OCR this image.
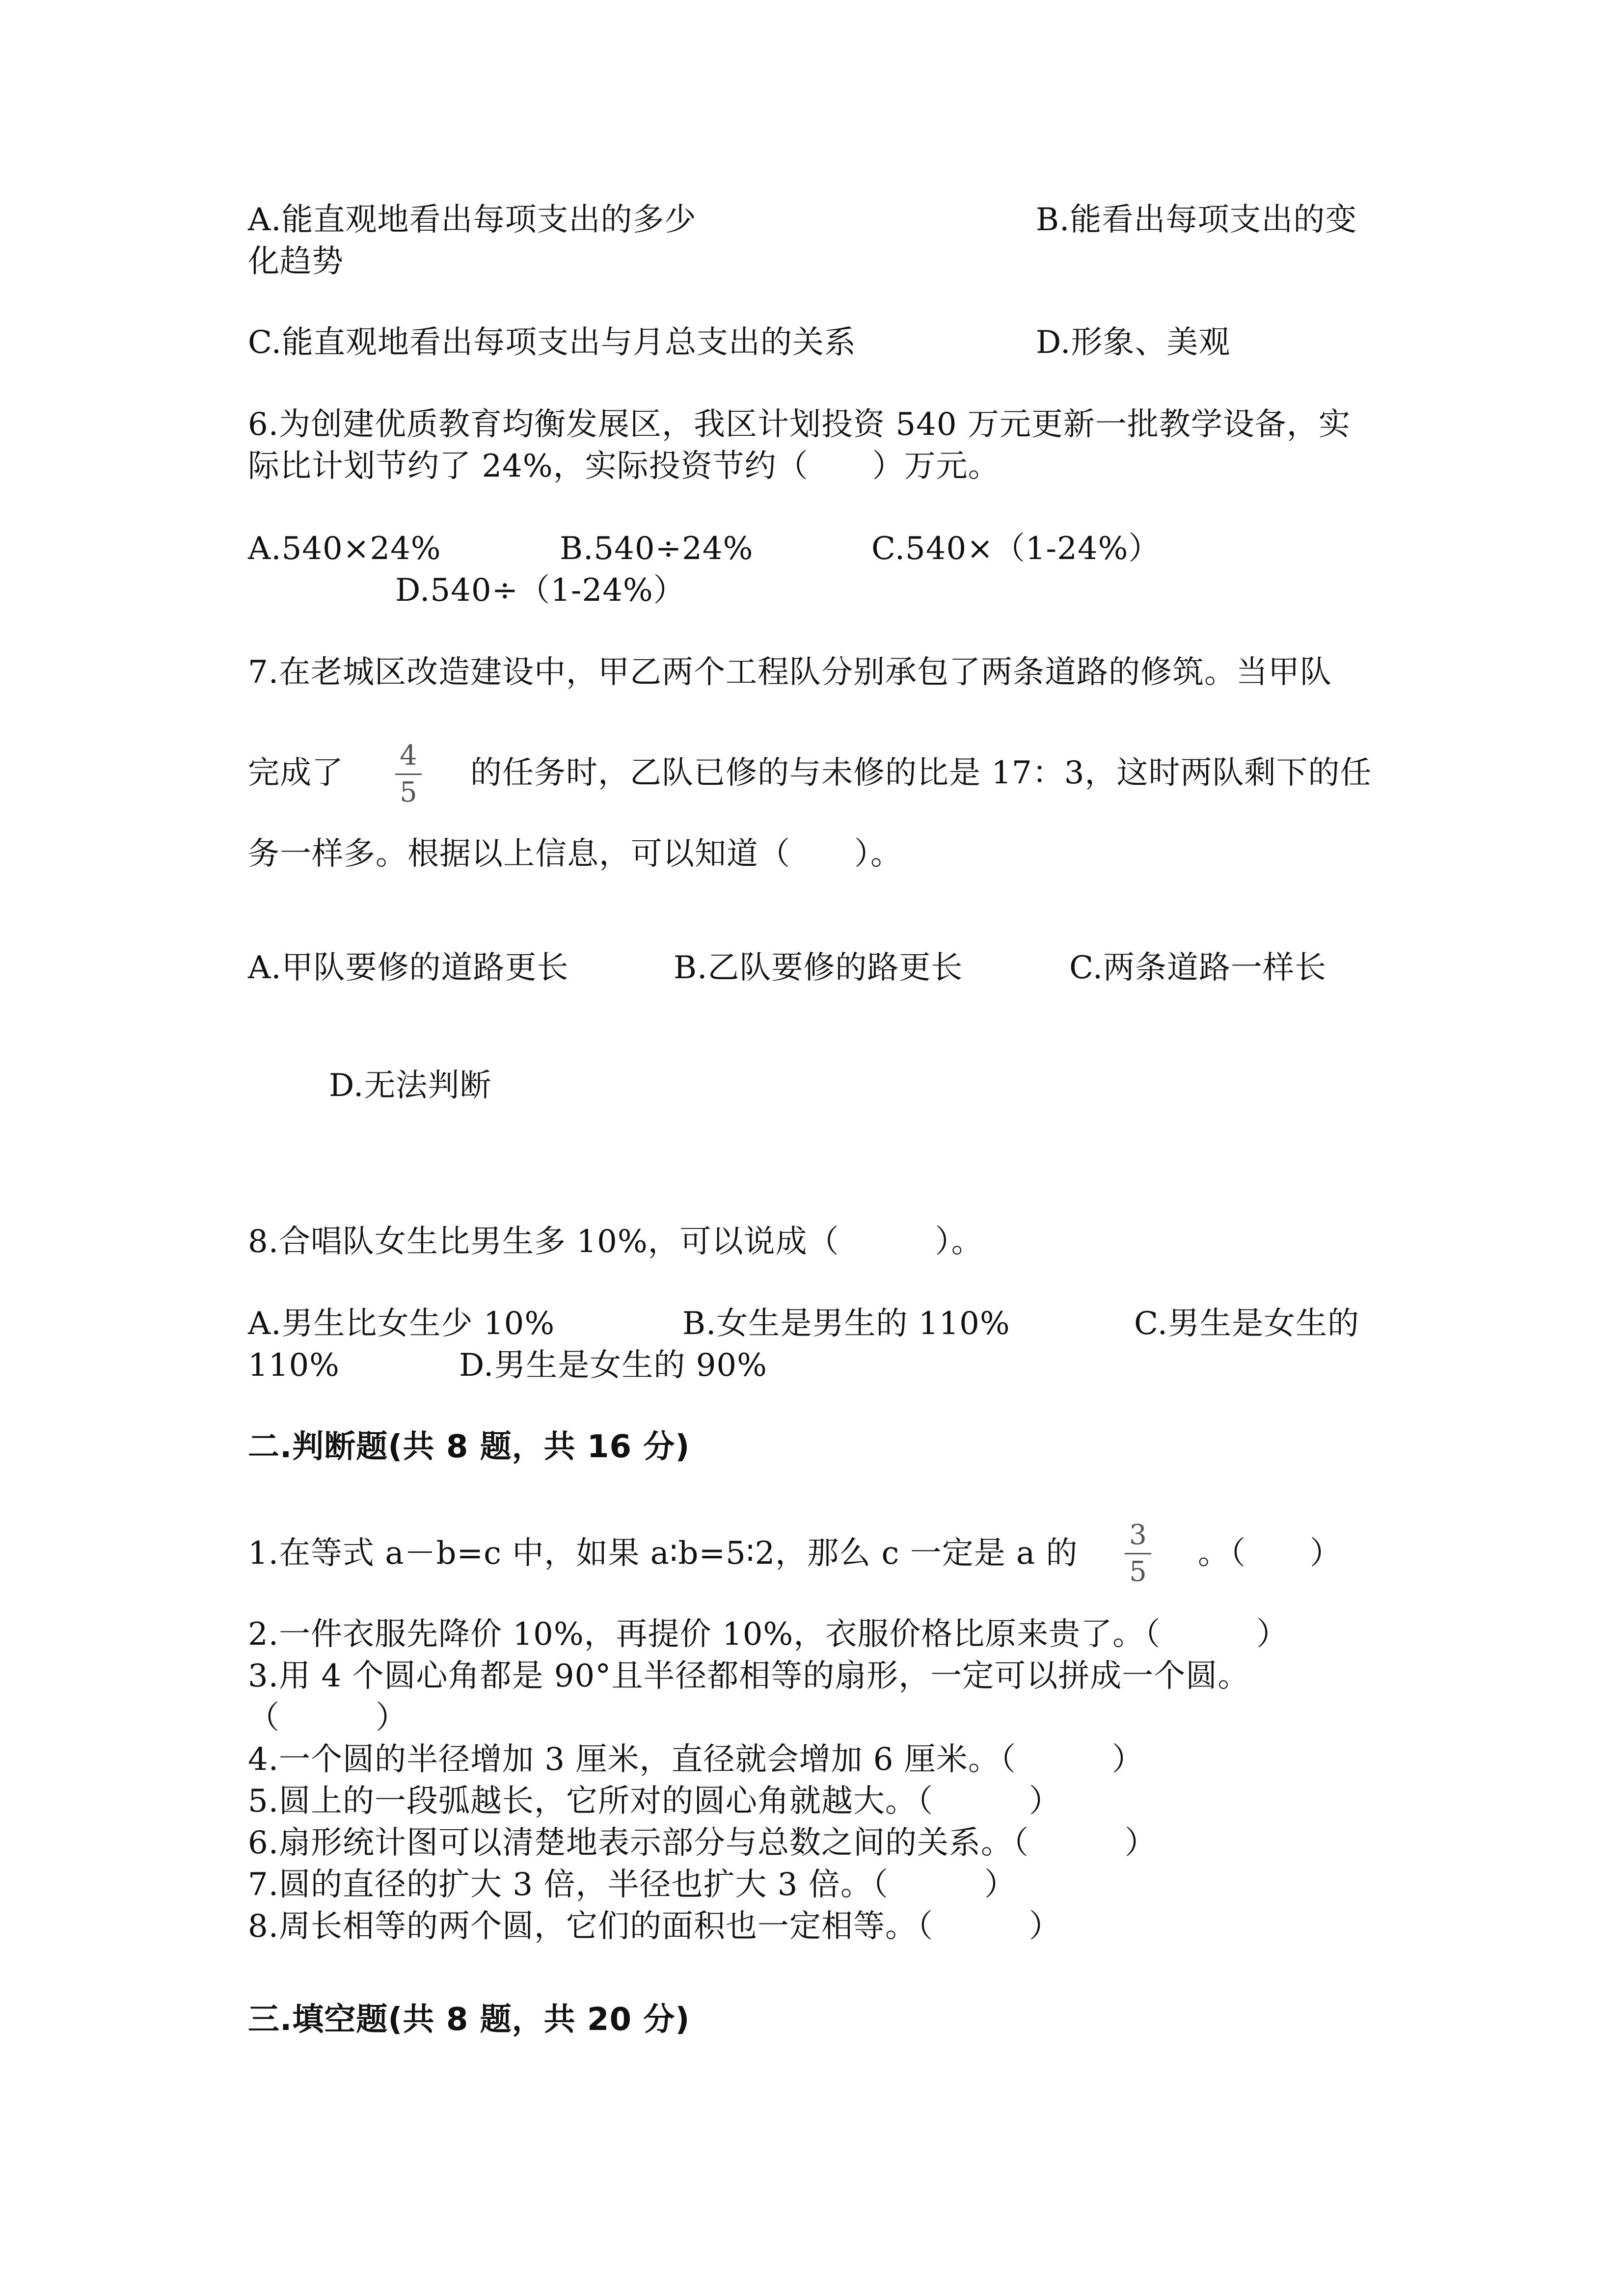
A.能直观地看出每项支出的多少	B.能看出每项支出的变
化趋势
C.能直观地看出每项支出与月总支出的关系	D.形象、美观
6.为创建优质教育均衡发展区，我区计划投资 540 万元更新一批教学设备，实
际比计划节约了 24%，实际投资节约（　　）万元。
A.540×24%	B.540÷24%	C.540×（1-24%）
D.540÷（1-24%）
7.在老城区改造建设中，甲乙两个工程队分别承包了两条道路的修筑。当甲队
完成了	4
5
的任务时，乙队已修的与未修的比是 17：3，这时两队剩下的任
务一样多。根据以上信息，可以知道（　　）。
A.甲队要修的道路更长	B.乙队要修的路更长	C.两条道路一样长
D.无法判断
8.合唱队女生比男生多 10%，可以说成（　　　）。
A.男生比女生少 10%	B.女生是男生的 110%	C.男生是女生的
110%	D.男生是女生的 90%
二.判断题(共 8 题，共 16 分)
1.在等式 a－b=c 中，如果 a∶b=5∶2，那么 c 一定是 a 的
3
5
。（　　）
2.一件衣服先降价 10%，再提价 10%，衣服价格比原来贵了。（　　　）
3.用 4 个圆心角都是 90°且半径都相等的扇形，一定可以拼成一个圆。
（　　　）
4.一个圆的半径增加 3 厘米，直径就会增加 6 厘米。（　　　）
5.圆上的一段弧越长，它所对的圆心角就越大。（　　　）
6.扇形统计图可以清楚地表示部分与总数之间的关系。（　　　）
7.圆的直径的扩大 3 倍，半径也扩大 3 倍。（　　　）
8.周长相等的两个圆，它们的面积也一定相等。（　　　）
三.填空题(共 8 题，共 20 分)
